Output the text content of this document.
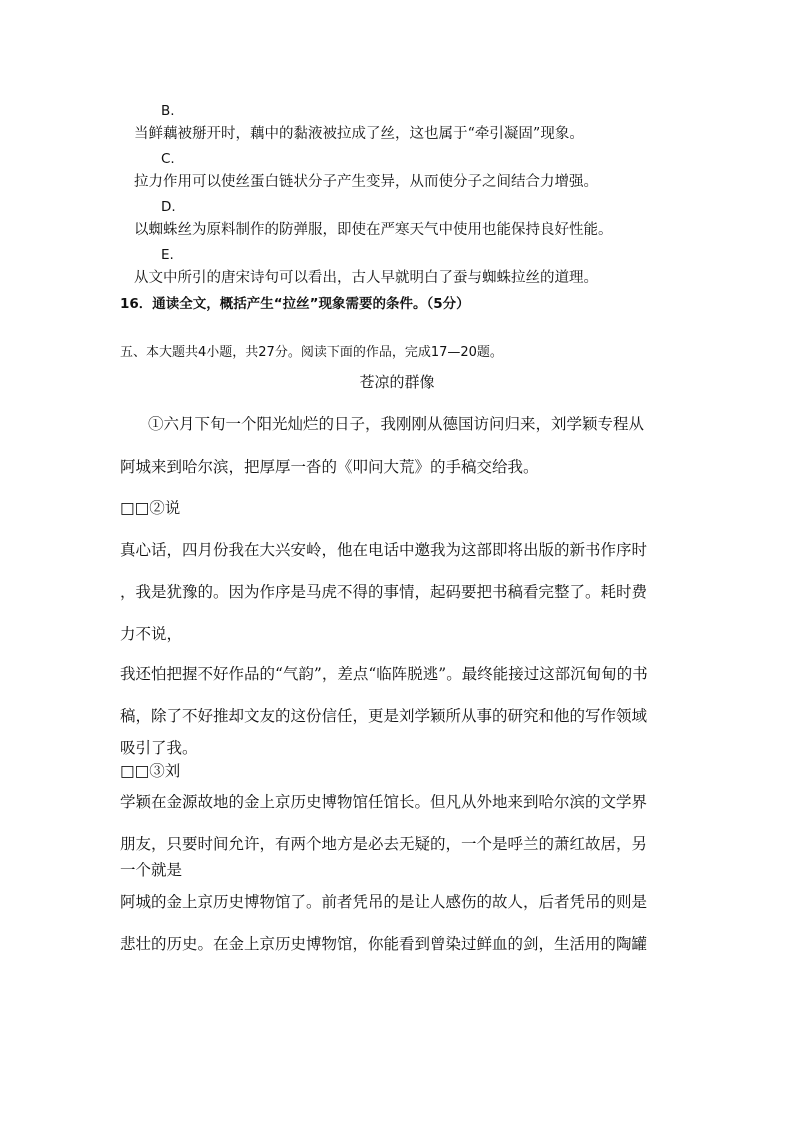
B.
当鲜藕被掰开时，藕中的黏液被拉成了丝，这也属于“牵引凝固”现象。
C.
拉力作用可以使丝蛋白链状分子产生变异，从而使分子之间结合力增强。
D.
以蜘蛛丝为原料制作的防弹服，即使在严寒天气中使用也能保持良好性能。
E.
从文中所引的唐宋诗句可以看出，古人早就明白了蚕与蜘蛛拉丝的道理。
16．通读全文，概括产生“拉丝”现象需要的条件。（5分）
五、本大题共4小题，共27分。阅读下面的作品，完成17—20题。
苍凉的群像
①六月下旬一个阳光灿烂的日子，我刚刚从德国访问归来，刘学颖专程从
阿城来到哈尔滨，把厚厚一沓的《叩问大荒》的手稿交给我。
□□②说
真心话，四月份我在大兴安岭，他在电话中邀我为这部即将出版的新书作序时
，我是犹豫的。因为作序是马虎不得的事情，起码要把书稿看完整了。耗时费
力不说，
我还怕把握不好作品的“气韵”，差点“临阵脱逃”。最终能接过这部沉甸甸的书
稿，除了不好推却文友的这份信任，更是刘学颖所从事的研究和他的写作领域
吸引了我。
□□③刘
学颖在金源故地的金上京历史博物馆任馆长。但凡从外地来到哈尔滨的文学界
朋友，只要时间允许，有两个地方是必去无疑的，一个是呼兰的萧红故居，另
一个就是
阿城的金上京历史博物馆了。前者凭吊的是让人感伤的故人，后者凭吊的则是
悲壮的历史。在金上京历史博物馆，你能看到曾染过鲜血的剑，生活用的陶罐
